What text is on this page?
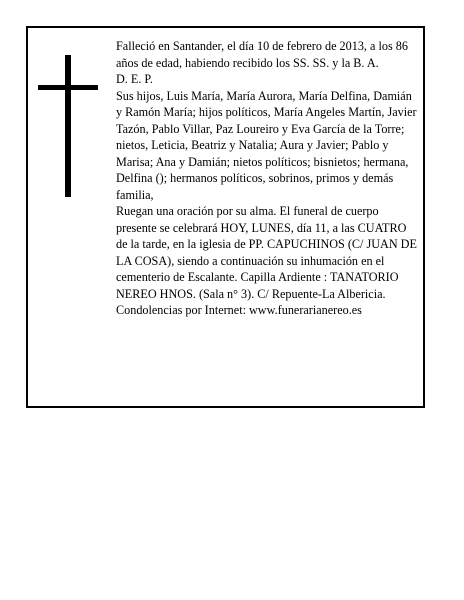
Falleció en Santander, el día 10 de febrero de 2013, a los 86 años de edad, habiendo recibido los SS. SS. y la B. A.

D. E. P.

Sus hijos, Luis María, María Aurora, María Delfina, Damián y Ramón María; hijos políticos, María Angeles Martín, Javier Tazón, Pablo Villar, Paz Loureiro y Eva García de la Torre; nietos, Leticia, Beatriz y Natalia; Aura y Javier; Pablo y Marisa; Ana y Damián; nietos políticos; bisnietos; hermana, Delfina (); hermanos políticos, sobrinos, primos y demás familia,

Ruegan una oración por su alma. El funeral de cuerpo presente se celebrará HOY, LUNES, día 11, a las CUATRO de la tarde, en la iglesia de PP. CAPUCHINOS (C/ JUAN DE LA COSA), siendo a continuación su inhumación en el cementerio de Escalante. Capilla Ardiente : TANATORIO NEREO HNOS. (Sala n° 3). C/ Repuente-La Albericia.

Condolencias por Internet: www.funerarianereo.es
